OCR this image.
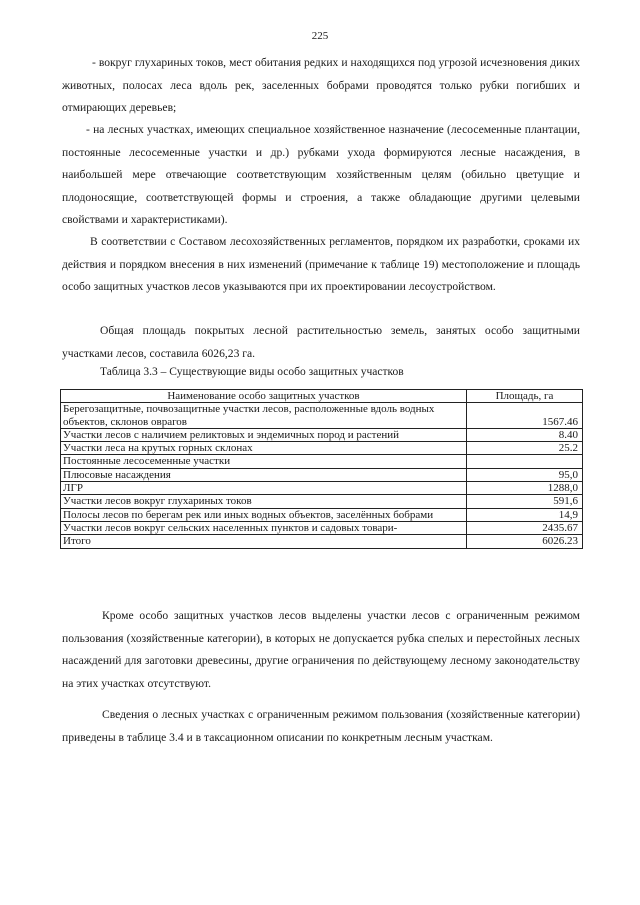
225

- вокруг глухариных токов, мест обитания редких и находящихся под угрозой исчезновения диких животных, полосах леса вдоль рек, заселенных бобрами проводятся только рубки погибших и отмирающих деревьев;

- на лесных участках, имеющих специальное хозяйственное назначение (лесосеменные плантации, постоянные лесосеменные участки и др.) рубками ухода формируются лесные насаждения, в наибольшей мере отвечающие соответствующим хозяйственным целям (обильно цветущие и плодоносящие, соответствующей формы и строения, а также обладающие другими целевыми свойствами и характеристиками).

В соответствии с Составом лесохозяйственных регламентов, порядком их разработки, сроками их действия и порядком внесения в них изменений (примечание к таблице 19) местоположение и площадь особо защитных участков лесов указываются при их проектировании лесоустройством.

Общая площадь покрытых лесной растительностью земель, занятых особо защитными участками лесов, составила 6026,23 га.

Таблица 3.3 – Существующие виды особо защитных участков
Наименование особо защитных участков	Площадь, га
Берегозащитные, почвозащитные участки лесов, расположенные вдоль водных объектов, склонов оврагов	1567.46
Участки лесов с наличием реликтовых и эндемичных пород и растений	8.40
Участки леса на крутых горных склонах	25.2
Постоянные лесосеменные участки	
Плюсовые насаждения	95,0
ЛГР	1288,0
Участки лесов вокруг глухариных токов	591,6
Полосы лесов по берегам рек или иных водных объектов, заселённых бобрами	14,9
Участки лесов вокруг сельских населенных пунктов и садовых товари-	2435.67
Итого	6026.23

Кроме особо защитных участков лесов выделены участки лесов с ограниченным режимом пользования (хозяйственные категории), в которых не допускается рубка спелых и перестойных лесных насаждений для заготовки древесины, другие ограничения по действующему лесному законодательству на этих участках отсутствуют.

Сведения о лесных участках с ограниченным режимом пользования (хозяйственные категории) приведены в таблице 3.4 и в таксационном описании по конкретным лесным участкам.
